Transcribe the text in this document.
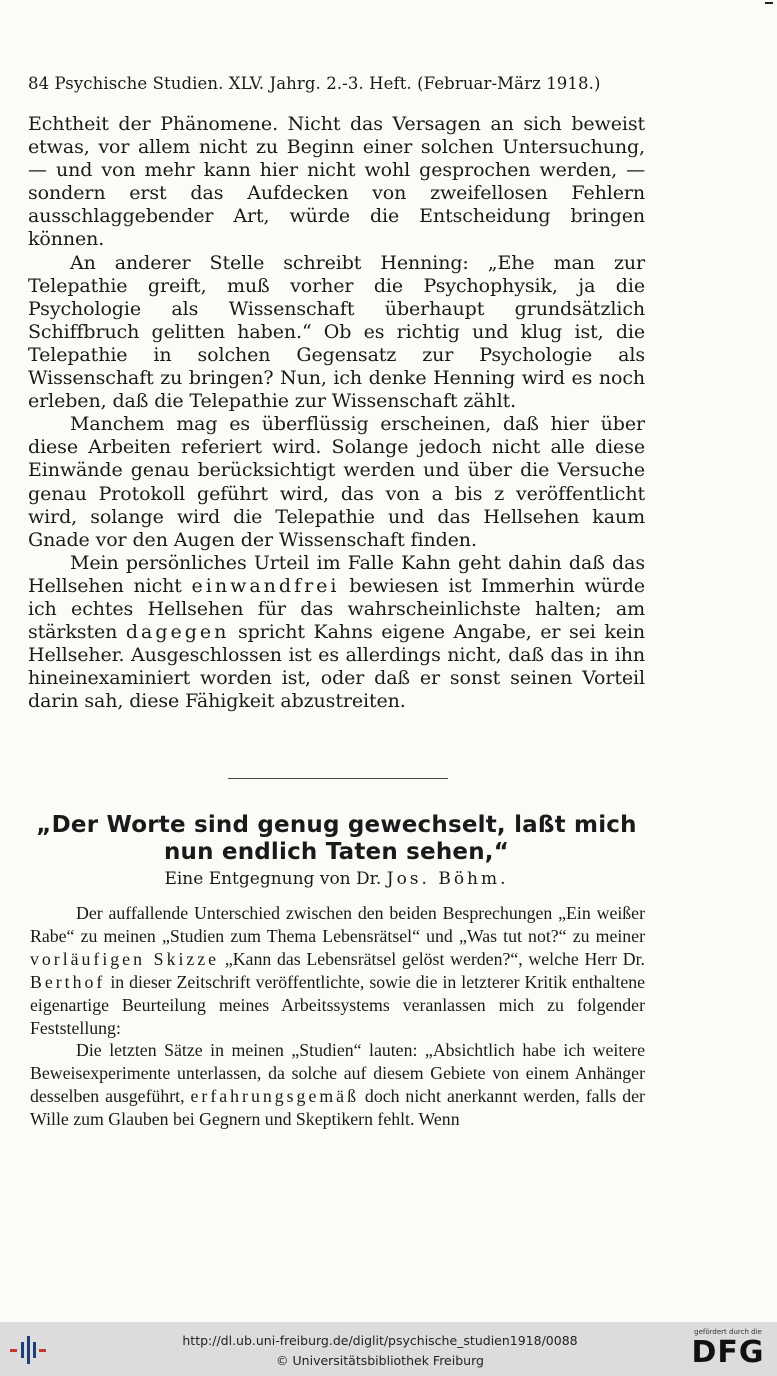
84 Psychische Studien. XLV. Jahrg. 2.-3. Heft. (Februar-März 1918.)

Echtheit der Phänomene. Nicht das Versagen an sich beweist etwas, vor allem nicht zu Beginn einer solchen Untersuchung, — und von mehr kann hier nicht wohl gesprochen werden, — sondern erst das Aufdecken von zweifellosen Fehlern ausschlaggebender Art, würde die Entscheidung bringen können.

An anderer Stelle schreibt Henning: „Ehe man zur Telepathie greift, muß vorher die Psychophysik, ja die Psychologie als Wissenschaft überhaupt grundsätzlich Schiffbruch gelitten haben.“ Ob es richtig und klug ist, die Telepathie in solchen Gegensatz zur Psychologie als Wissenschaft zu bringen? Nun, ich denke Henning wird es noch erleben, daß die Telepathie zur Wissenschaft zählt.

Manchem mag es überflüssig erscheinen, daß hier über diese Arbeiten referiert wird. Solange jedoch nicht alle diese Einwände genau berücksichtigt werden und über die Versuche genau Protokoll geführt wird, das von a bis z veröffentlicht wird, solange wird die Telepathie und das Hellsehen kaum Gnade vor den Augen der Wissenschaft finden.

Mein persönliches Urteil im Falle Kahn geht dahin daß das Hellsehen nicht einwandfrei bewiesen ist Immerhin würde ich echtes Hellsehen für das wahrscheinlichste halten; am stärksten dagegen spricht Kahns eigene Angabe, er sei kein Hellseher. Ausgeschlossen ist es allerdings nicht, daß das in ihn hineinexaminiert worden ist, oder daß er sonst seinen Vorteil darin sah, diese Fähigkeit abzustreiten.

„Der Worte sind genug gewechselt, laßt mich
nun endlich Taten sehen,“
Eine Entgegnung von Dr. Jos. Böhm.

Der auffallende Unterschied zwischen den beiden Besprechungen „Ein weißer Rabe“ zu meinen „Studien zum Thema Lebensrätsel“ und „Was tut not?“ zu meiner vorläufigen Skizze „Kann das Lebensrätsel gelöst werden?“, welche Herr Dr. Berthof in dieser Zeitschrift veröffentlichte, sowie die in letzterer Kritik enthaltene eigenartige Beurteilung meines Arbeitssystems veranlassen mich zu folgender Feststellung:

Die letzten Sätze in meinen „Studien“ lauten: „Absichtlich habe ich weitere Beweisexperimente unterlassen, da solche auf diesem Gebiete von einem Anhänger desselben ausgeführt, erfahrungsgemäß doch nicht anerkannt werden, falls der Wille zum Glauben bei Gegnern und Skeptikern fehlt. Wenn

http://dl.ub.uni-freiburg.de/diglit/psychische_studien1918/0088
© Universitätsbibliothek Freiburg
gefördert durch die
DFG
